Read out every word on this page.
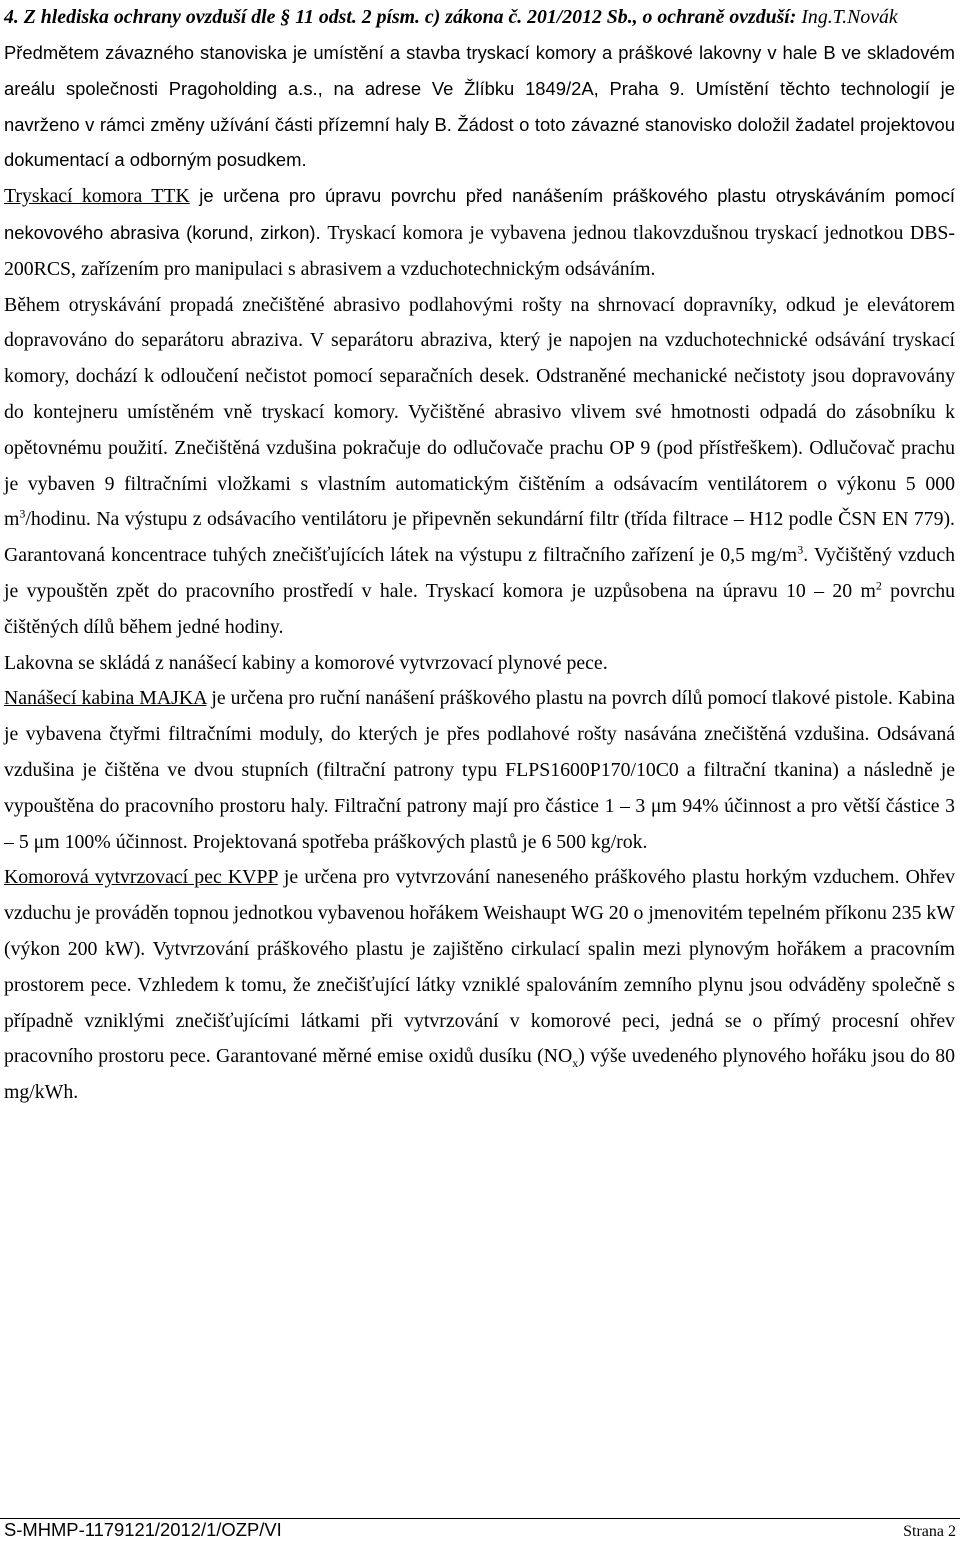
4. Z hlediska ochrany ovzduší dle § 11 odst. 2 písm. c) zákona č. 201/2012 Sb., o ochraně ovzduší: Ing.T.Novák

Předmětem závazného stanoviska je umístění a stavba tryskací komory a práškové lakovny v hale B ve skladovém areálu společnosti Pragoholding a.s., na adrese Ve Žlíbku 1849/2A, Praha 9. Umístění těchto technologií je navrženo v rámci změny užívání části přízemní haly B. Žádost o toto závazné stanovisko doložil žadatel projektovou dokumentací a odborným posudkem.

Tryskací komora TTK je určena pro úpravu povrchu před nanášením práškového plastu otryskáváním pomocí nekovového abrasiva (korund, zirkon). Tryskací komora je vybavena jednou tlakovzdušnou tryskací jednotkou DBS-200RCS, zařízením pro manipulaci s abrasivem a vzduchotechnickým odsáváním.

Během otryskávání propadá znečištěné abrasivo podlahovými rošty na shrnovací dopravníky, odkud je elevátorem dopravováno do separátoru abraziva. V separátoru abraziva, který je napojen na vzduchotechnické odsávání tryskací komory, dochází k odloučení nečistot pomocí separačních desek. Odstraněné mechanické nečistoty jsou dopravovány do kontejneru umístěném vně tryskací komory. Vyčištěné abrasivo vlivem své hmotnosti odpadá do zásobníku k opětovnému použití. Znečištěná vzdušina pokračuje do odlučovače prachu OP 9 (pod přístřeškem). Odlučovač prachu je vybaven 9 filtračními vložkami s vlastním automatickým čištěním a odsávacím ventilátorem o výkonu 5 000 $m^3$/hodinu. Na výstupu z odsávacího ventilátoru je připevněn sekundární filtr (třída filtrace – H12 podle ČSN EN 779). Garantovaná koncentrace tuhých znečišťujících látek na výstupu z filtračního zařízení je 0,5 $mg/m^3$. Vyčištěný vzduch je vypouštěn zpět do pracovního prostředí v hale. Tryskací komora je uzpůsobena na úpravu 10 – 20 $m^2$ povrchu čištěných dílů během jedné hodiny.

Lakovna se skládá z nanášecí kabiny a komorové vytvrzovací plynové pece.

Nanášecí kabina MAJKA je určena pro ruční nanášení práškového plastu na povrch dílů pomocí tlakové pistole. Kabina je vybavena čtyřmi filtračními moduly, do kterých je přes podlahové rošty nasávána znečištěná vzdušina. Odsávaná vzdušina je čištěna ve dvou stupních (filtrační patrony typu FLPS1600P170/10C0 a filtrační tkanina) a následně je vypouštěna do pracovního prostoru haly. Filtrační patrony mají pro částice 1 – 3 μm 94% účinnost a pro větší částice 3 – 5 μm 100% účinnost. Projektovaná spotřeba práškových plastů je 6 500 kg/rok.

Komorová vytvrzovací pec KVPP je určena pro vytvrzování naneseného práškového plastu horkým vzduchem. Ohřev vzduchu je prováděn topnou jednotkou vybavenou hořákem Weishaupt WG 20 o jmenovitém tepelném příkonu 235 kW (výkon 200 kW). Vytvrzování práškového plastu je zajištěno cirkulací spalin mezi plynovým hořákem a pracovním prostorem pece. Vzhledem k tomu, že znečišťující látky vzniklé spalováním zemního plynu jsou odváděny společně s případně vzniklými znečišťujícími látkami při vytvrzování v komorové peci, jedná se o přímý procesní ohřev pracovního prostoru pece. Garantované měrné emise oxidů dusíku $(NO_x)$ výše uvedeného plynového hořáku jsou do 80 mg/kWh.

S-MHMP-1179121/2012/1/OZP/VI	Strana 2
